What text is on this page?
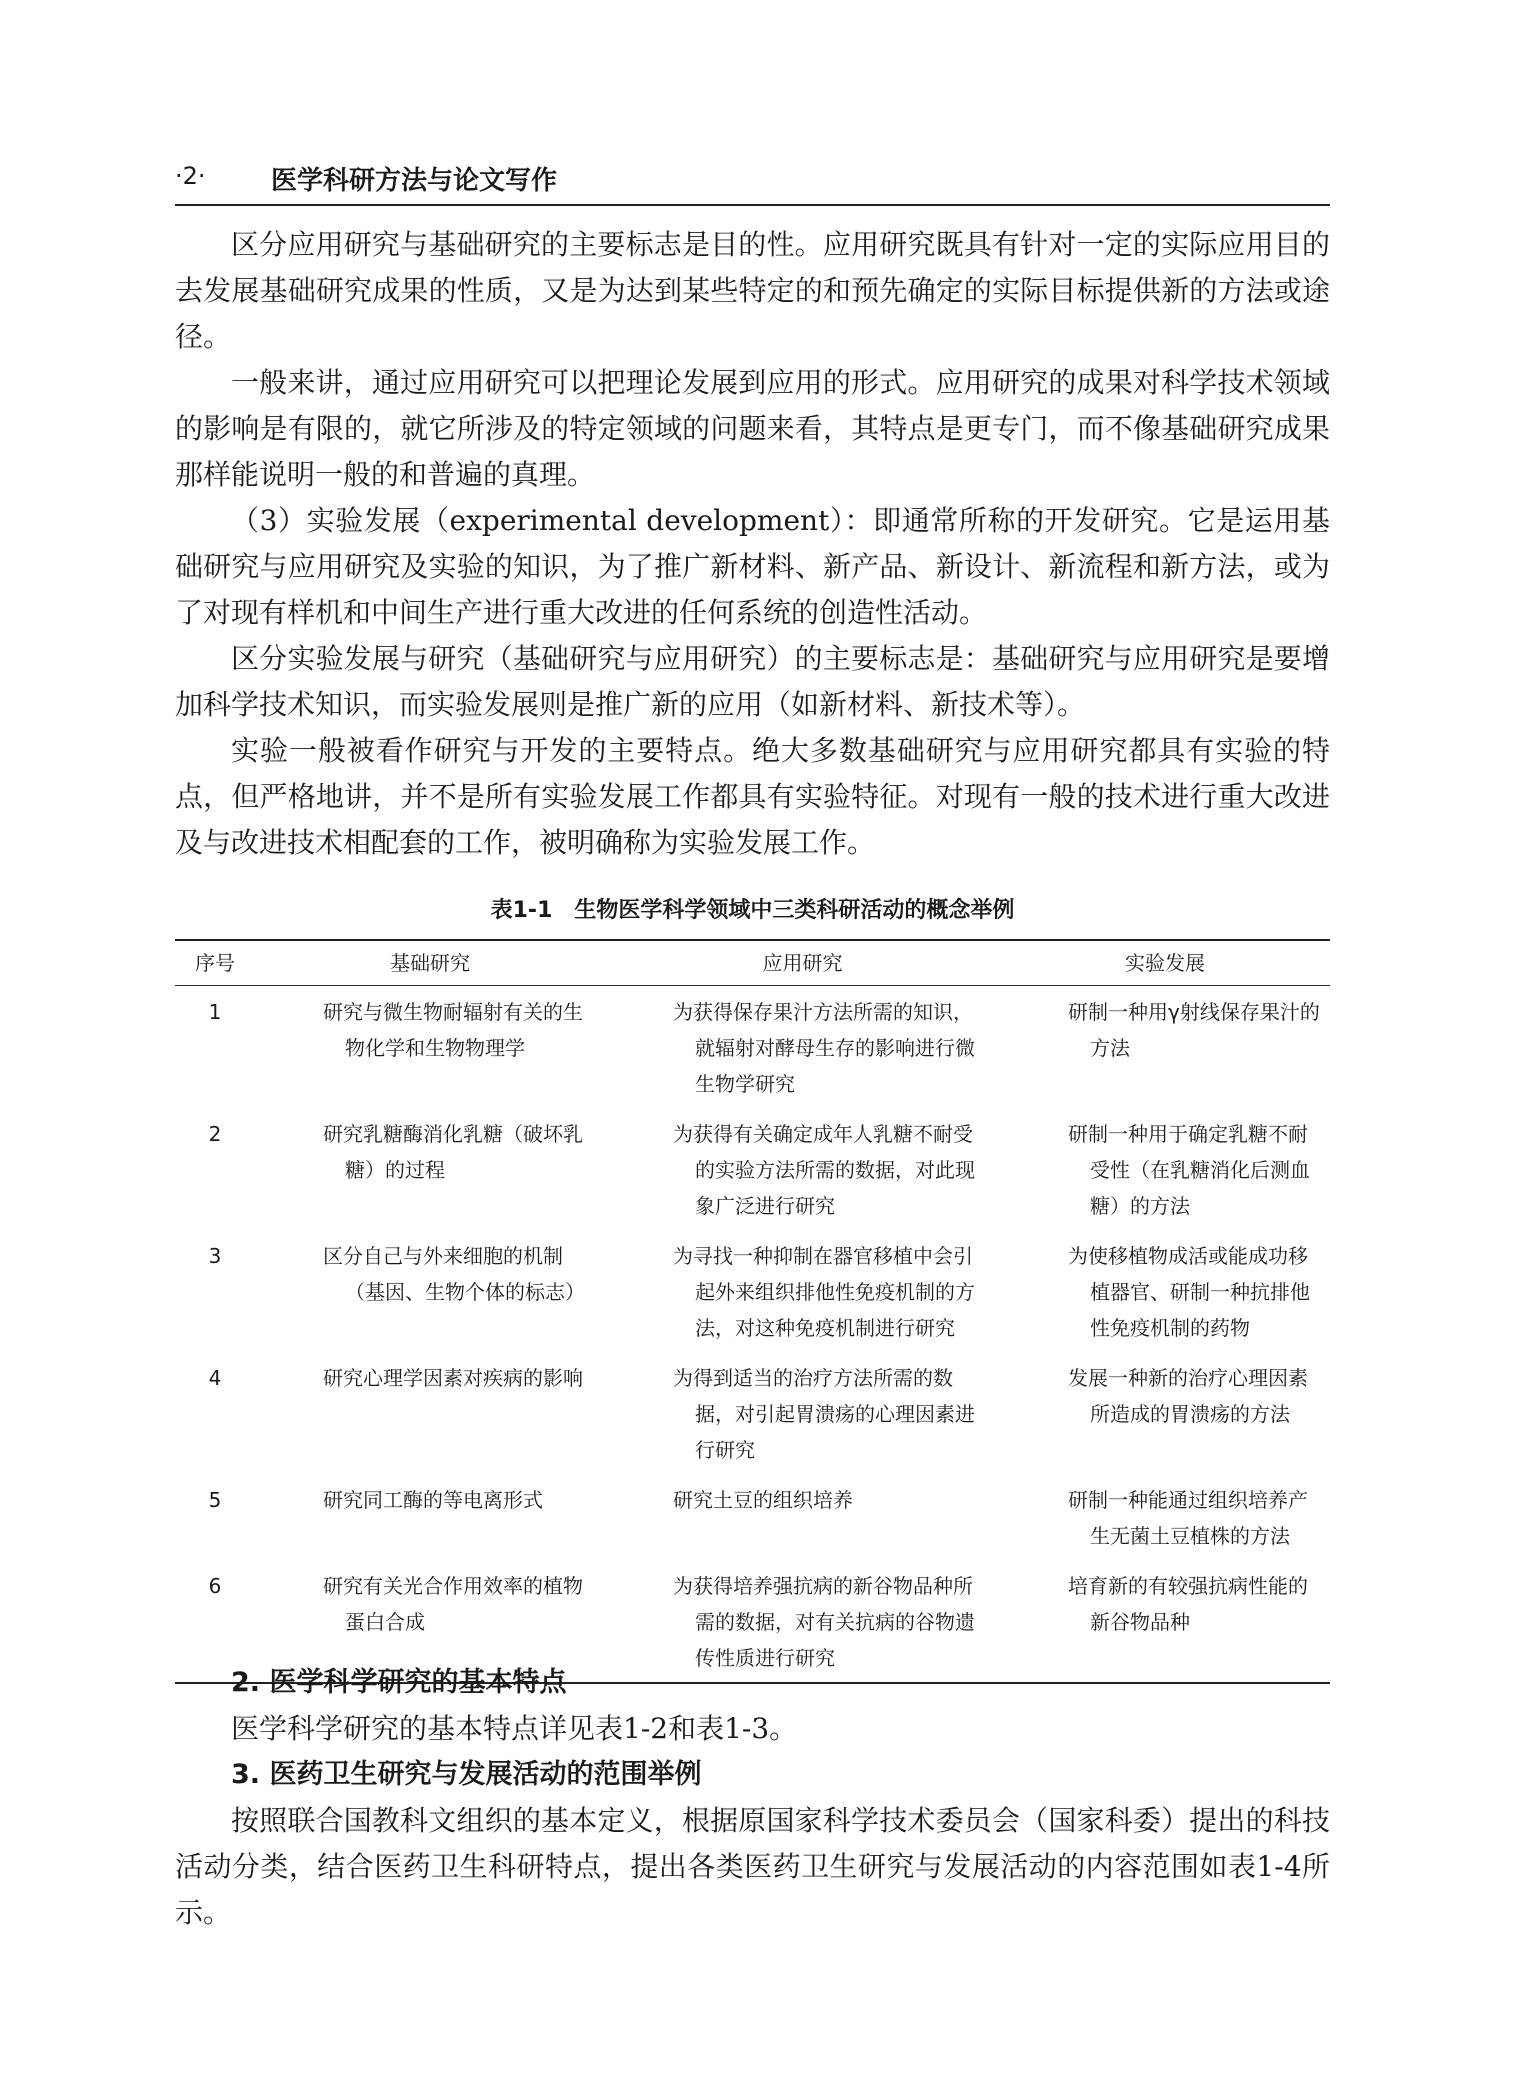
·2·	医学科研方法与论文写作

区分应用研究与基础研究的主要标志是目的性。应用研究既具有针对一定的实际应用目的去发展基础研究成果的性质，又是为达到某些特定的和预先确定的实际目标提供新的方法或途径。

一般来讲，通过应用研究可以把理论发展到应用的形式。应用研究的成果对科学技术领域的影响是有限的，就它所涉及的特定领域的问题来看，其特点是更专门，而不像基础研究成果那样能说明一般的和普遍的真理。

（3）实验发展（experimental development）：即通常所称的开发研究。它是运用基础研究与应用研究及实验的知识，为了推广新材料、新产品、新设计、新流程和新方法，或为了对现有样机和中间生产进行重大改进的任何系统的创造性活动。

区分实验发展与研究（基础研究与应用研究）的主要标志是：基础研究与应用研究是要增加科学技术知识，而实验发展则是推广新的应用（如新材料、新技术等）。

实验一般被看作研究与开发的主要特点。绝大多数基础研究与应用研究都具有实验的特点，但严格地讲，并不是所有实验发展工作都具有实验特征。对现有一般的技术进行重大改进及与改进技术相配套的工作，被明确称为实验发展工作。

表1-1　生物医学科学领域中三类科研活动的概念举例
序号	基础研究	应用研究	实验发展
1	研究与微生物耐辐射有关的生物化学和生物物理学	为获得保存果汁方法所需的知识，就辐射对酵母生存的影响进行微生物学研究	研制一种用γ射线保存果汁的方法
2	研究乳糖酶消化乳糖（破坏乳糖）的过程	为获得有关确定成年人乳糖不耐受的实验方法所需的数据，对此现象广泛进行研究	研制一种用于确定乳糖不耐受性（在乳糖消化后测血糖）的方法
3	区分自己与外来细胞的机制（基因、生物个体的标志）	为寻找一种抑制在器官移植中会引起外来组织排他性免疫机制的方法，对这种免疫机制进行研究	为使移植物成活或能成功移植器官、研制一种抗排他性免疫机制的药物
4	研究心理学因素对疾病的影响	为得到适当的治疗方法所需的数据，对引起胃溃疡的心理因素进行研究	发展一种新的治疗心理因素所造成的胃溃疡的方法
5	研究同工酶的等电离形式	研究土豆的组织培养	研制一种能通过组织培养产生无菌土豆植株的方法
6	研究有关光合作用效率的植物蛋白合成	为获得培养强抗病的新谷物品种所需的数据，对有关抗病的谷物遗传性质进行研究	培育新的有较强抗病性能的新谷物品种

2. 医学科学研究的基本特点

医学科学研究的基本特点详见表1-2和表1-3。

3. 医药卫生研究与发展活动的范围举例

按照联合国教科文组织的基本定义，根据原国家科学技术委员会（国家科委）提出的科技活动分类，结合医药卫生科研特点，提出各类医药卫生研究与发展活动的内容范围如表1-4所示。
